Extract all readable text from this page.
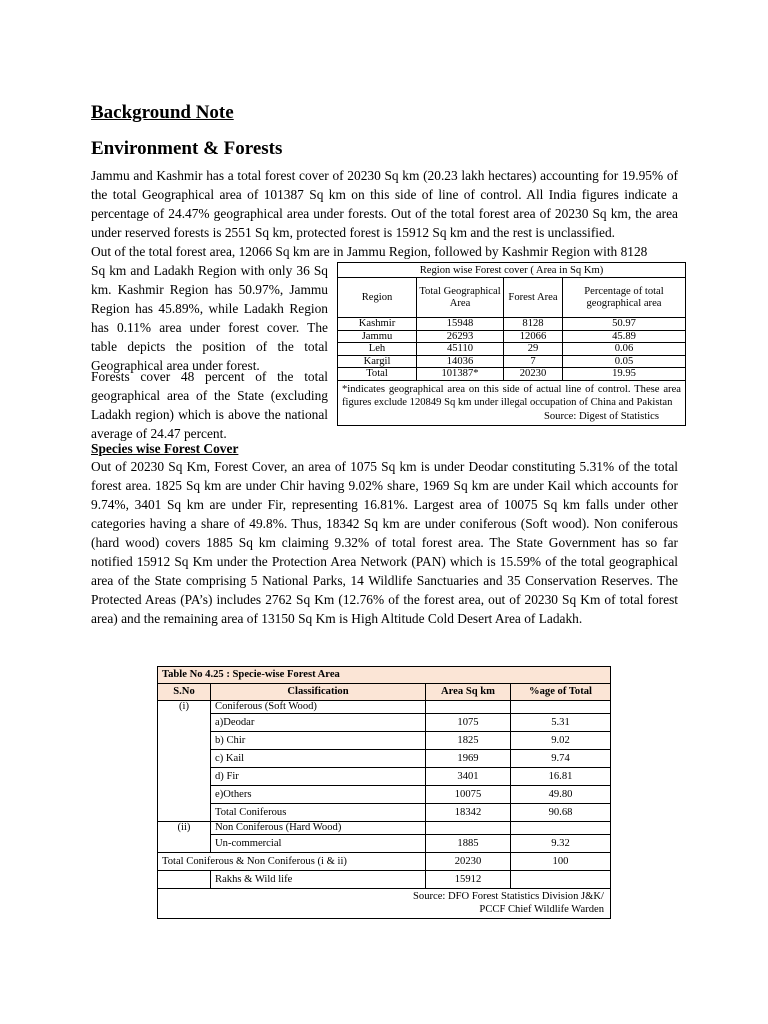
Background Note
Environment & Forests
Jammu and Kashmir has a total forest cover of 20230 Sq km (20.23 lakh hectares) accounting for 19.95% of the total Geographical area of 101387 Sq km on this side of line of control. All India figures indicate a percentage of 24.47% geographical area under forests. Out of the total forest area of 20230 Sq km, the area under reserved forests is 2551 Sq km, protected forest is 15912 Sq km and the rest is unclassified.
Out of the total forest area, 12066 Sq km are in Jammu Region, followed by Kashmir Region with 8128
Sq km and Ladakh Region with only 36 Sq km. Kashmir Region has 50.97%, Jammu Region has 45.89%, while Ladakh Region has 0.11% area under forest cover. The table depicts the position of the total Geographical area under forest.
Forests cover 48 percent of the total geographical area of the State (excluding Ladakh region) which is above the national average of 24.47 percent.
Region wise Forest cover ( Area in Sq Km)			
Region	Total Geographical Area	Forest Area	Percentage of total geographical area
Kashmir	15948	8128	50.97
Jammu	26293	12066	45.89
Leh	45110	29	0.06
Kargil	14036	7	0.05
Total	101387*	20230	19.95
*indicates geographical area on this side of actual line of control. These area figures exclude 120849 Sq km under illegal occupation of China and Pakistan
Source: Digest of Statistics			
Species wise Forest Cover
Out of 20230 Sq Km, Forest Cover, an area of 1075 Sq km is under Deodar constituting 5.31% of the total forest area. 1825 Sq km are under Chir having 9.02% share, 1969 Sq km are under Kail which accounts for 9.74%, 3401 Sq km are under Fir, representing 16.81%. Largest area of 10075 Sq km falls under other categories having a share of 49.8%. Thus, 18342 Sq km are under coniferous (Soft wood). Non coniferous (hard wood) covers 1885 Sq km claiming 9.32% of total forest area. The State Government has so far notified 15912 Sq Km under the Protection Area Network (PAN) which is 15.59% of the total geographical area of the State comprising 5 National Parks, 14 Wildlife Sanctuaries and 35 Conservation Reserves. The Protected Areas (PA’s) includes 2762 Sq Km (12.76% of the forest area, out of 20230 Sq Km of total forest area) and the remaining area of 13150 Sq Km is High Altitude Cold Desert Area of Ladakh.
Table No 4.25 : Specie-wise Forest Area			
S.No	Classification	Area Sq km	%age of Total
(i)	Coniferous (Soft Wood)		
	a)Deodar	1075	5.31
	b) Chir	1825	9.02
	c) Kail	1969	9.74
	d) Fir	3401	16.81
	e)Others	10075	49.80
	Total Coniferous	18342	90.68
(ii)	Non Coniferous (Hard Wood)		
	Un-commercial	1885	9.32
Total Coniferous & Non Coniferous (i & ii)		20230	100
	Rakhs & Wild life	15912	

Source: DFO Forest Statistics Division J&K/
PCCF Chief Wildlife Warden			
